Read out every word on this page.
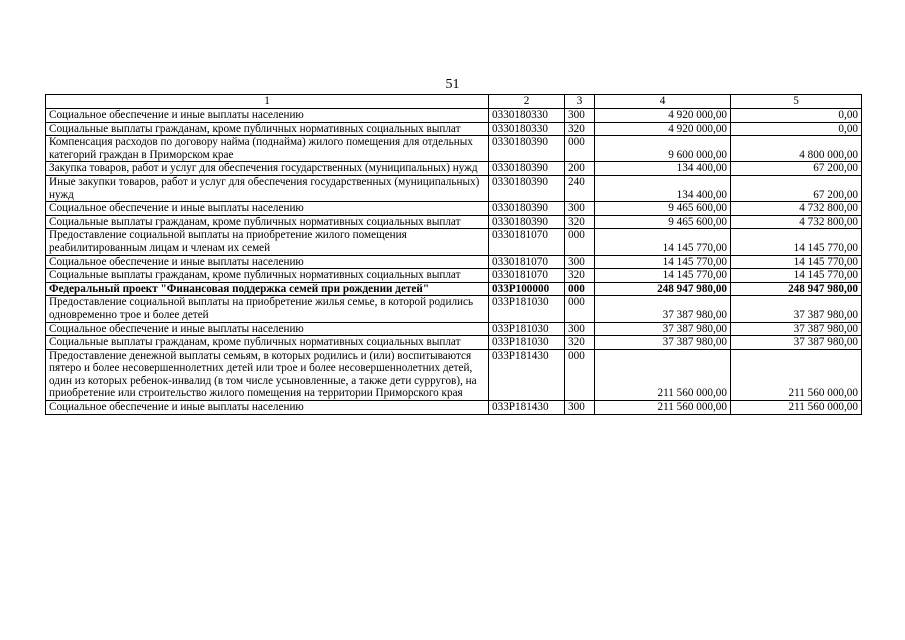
51
1	2	3	4	5
Социальное обеспечение и иные выплаты населению	0330180330	300	4 920 000,00	0,00
Социальные выплаты гражданам, кроме публичных нормативных социальных выплат	0330180330	320	4 920 000,00	0,00
Компенсация расходов по договору найма (поднайма) жилого помещения для отдельных категорий граждан в Приморском крае	0330180390	000	9 600 000,00	4 800 000,00
Закупка товаров, работ и услуг для обеспечения государственных (муниципальных) нужд	0330180390	200	134 400,00	67 200,00
Иные закупки товаров, работ и услуг для обеспечения государственных (муниципальных) нужд	0330180390	240	134 400,00	67 200,00
Социальное обеспечение и иные выплаты населению	0330180390	300	9 465 600,00	4 732 800,00
Социальные выплаты гражданам, кроме публичных нормативных социальных выплат	0330180390	320	9 465 600,00	4 732 800,00
Предоставление социальной выплаты на приобретение жилого помещения реабилитированным лицам и членам их семей	0330181070	000	14 145 770,00	14 145 770,00
Социальное обеспечение и иные выплаты населению	0330181070	300	14 145 770,00	14 145 770,00
Социальные выплаты гражданам, кроме публичных нормативных социальных выплат	0330181070	320	14 145 770,00	14 145 770,00
Федеральный проект "Финансовая поддержка семей при рождении детей"	033P100000	000	248 947 980,00	248 947 980,00
Предоставление социальной выплаты на приобретение жилья семье, в которой родились одновременно трое и более детей	033P181030	000	37 387 980,00	37 387 980,00
Социальное обеспечение и иные выплаты населению	033P181030	300	37 387 980,00	37 387 980,00
Социальные выплаты гражданам, кроме публичных нормативных социальных выплат	033P181030	320	37 387 980,00	37 387 980,00
Предоставление денежной выплаты семьям, в которых родились и (или) воспитываются пятеро и более несовершеннолетних детей или трое и более несовершеннолетних детей, один из которых ребенок-инвалид (в том числе усыновленные, а также дети сурругов), на приобретение или строительство жилого помещения на территории Приморского края	033P181430	000	211 560 000,00	211 560 000,00
Социальное обеспечение и иные выплаты населению	033P181430	300	211 560 000,00	211 560 000,00
